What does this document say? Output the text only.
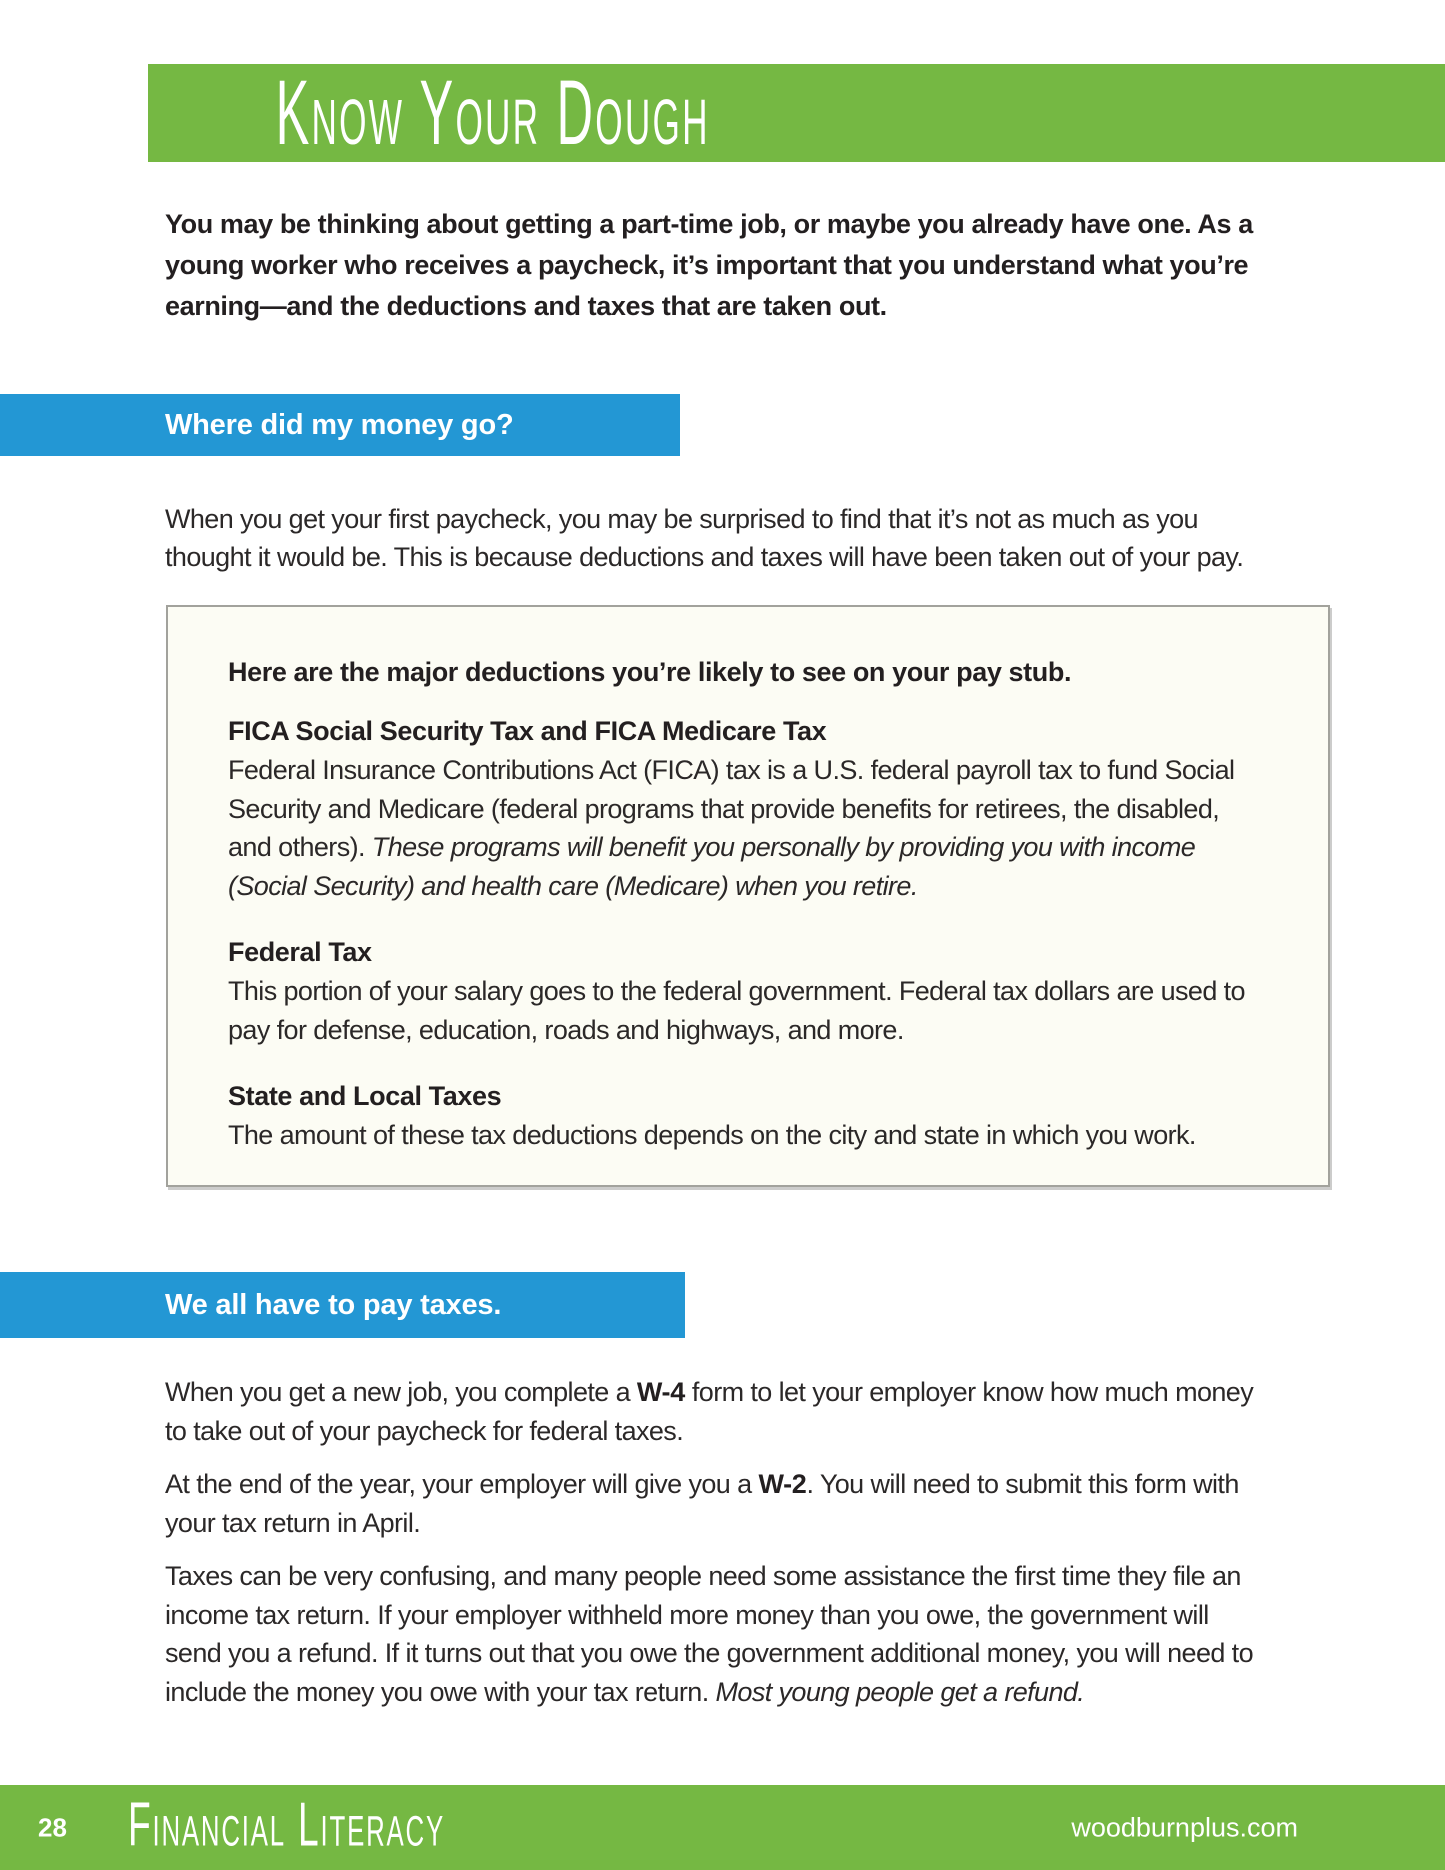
Know Your Dough

You may be thinking about getting a part-time job, or maybe you already have one. As a young worker who receives a paycheck, it’s important that you understand what you’re earning—and the deductions and taxes that are taken out.

Where did my money go?

When you get your first paycheck, you may be surprised to find that it’s not as much as you thought it would be. This is because deductions and taxes will have been taken out of your pay.

Here are the major deductions you’re likely to see on your pay stub.

FICA Social Security Tax and FICA Medicare Tax

Federal Insurance Contributions Act (FICA) tax is a U.S. federal payroll tax to fund Social Security and Medicare (federal programs that provide benefits for retirees, the disabled, and others). These programs will benefit you personally by providing you with income (Social Security) and health care (Medicare) when you retire.

Federal Tax

This portion of your salary goes to the federal government. Federal tax dollars are used to pay for defense, education, roads and highways, and more.

State and Local Taxes

The amount of these tax deductions depends on the city and state in which you work.

We all have to pay taxes.

When you get a new job, you complete a W-4 form to let your employer know how much money to take out of your paycheck for federal taxes.

At the end of the year, your employer will give you a W-2. You will need to submit this form with your tax return in April.

Taxes can be very confusing, and many people need some assistance the first time they file an income tax return. If your employer withheld more money than you owe, the government will send you a refund. If it turns out that you owe the government additional money, you will need to include the money you owe with your tax return. Most young people get a refund.

28 Financial Literacy	woodburnplus.com
